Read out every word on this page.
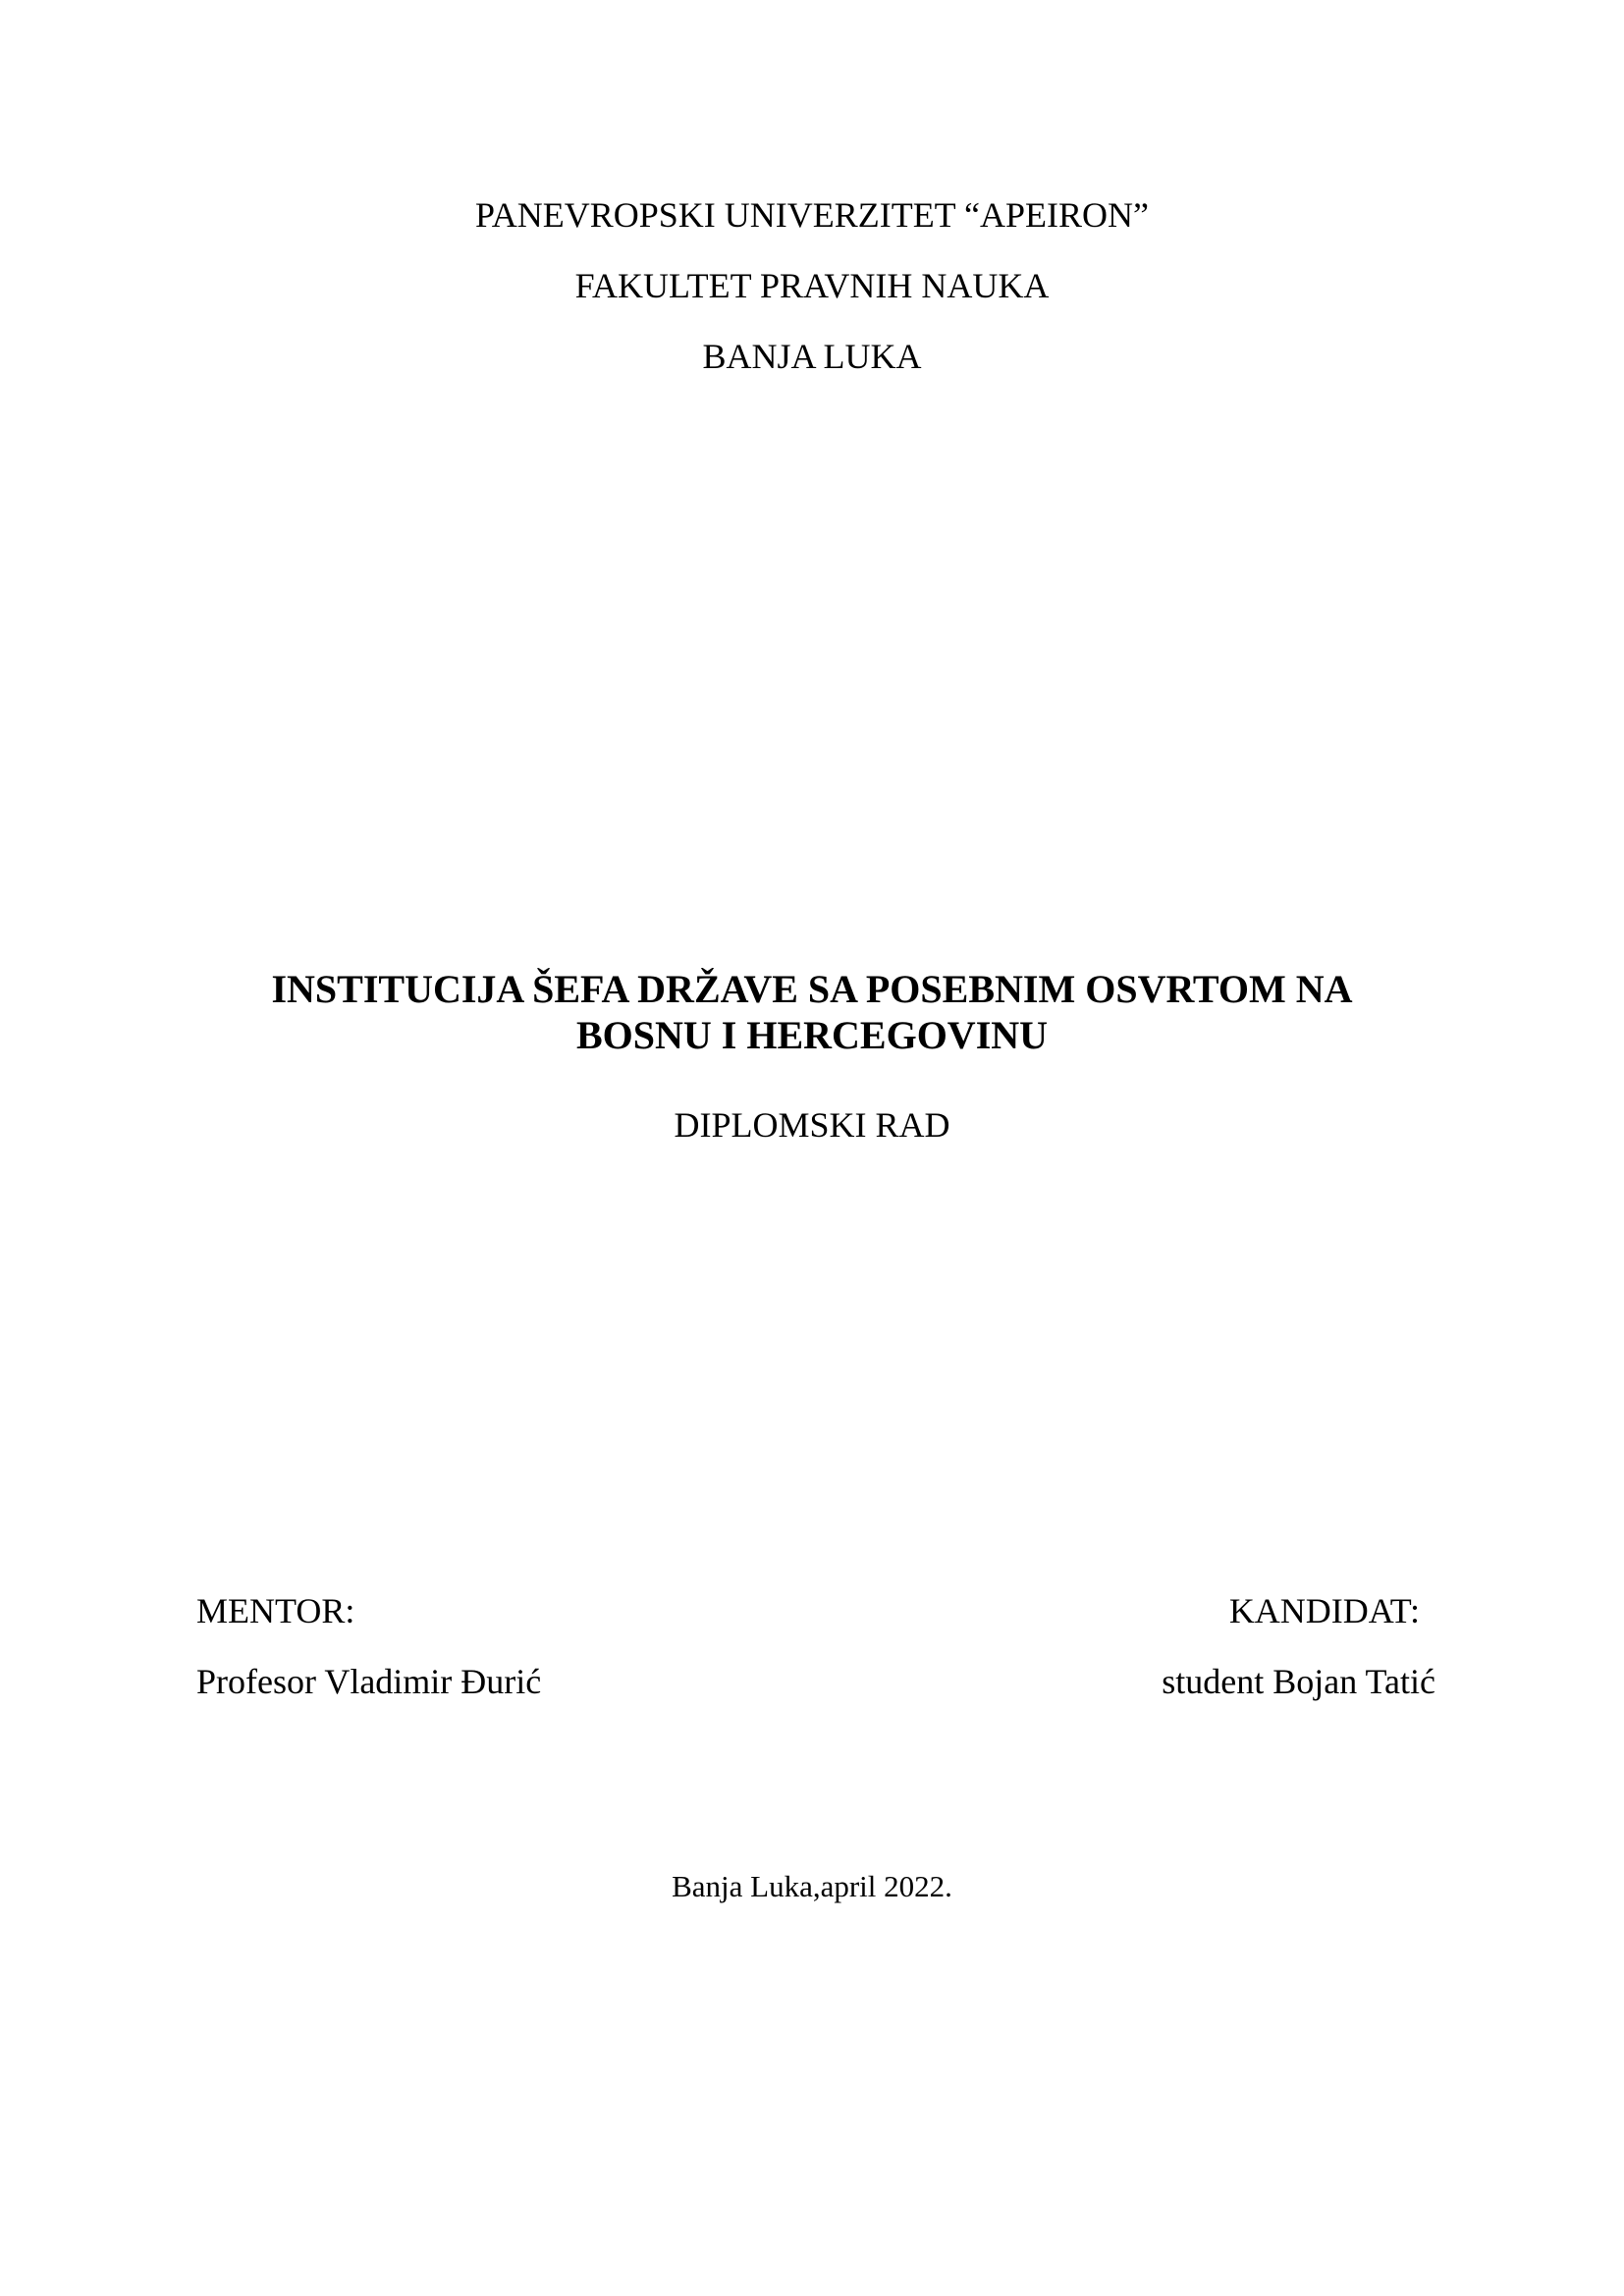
PANEVROPSKI UNIVERZITET “APEIRON”
FAKULTET PRAVNIH NAUKA
BANJA LUKA
INSTITUCIJA ŠEFA DRŽAVE SA POSEBNIM OSVRTOM NA
BOSNU I HERCEGOVINU
DIPLOMSKI RAD
MENTOR:
Profesor Vladimir Đurić
KANDIDAT:
student Bojan Tatić
Banja Luka,april 2022.
